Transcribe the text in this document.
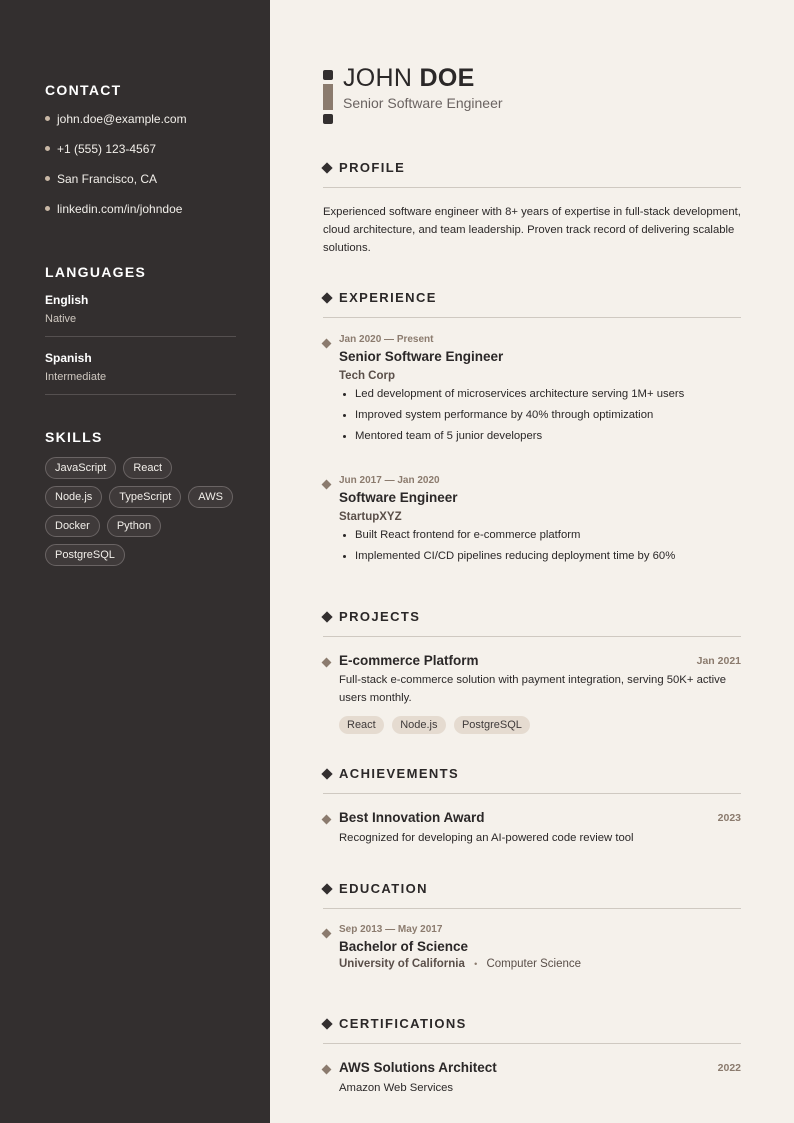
CONTACT
john.doe@example.com
+1 (555) 123-4567
San Francisco, CA
linkedin.com/in/johndoe
LANGUAGES
English
Native
Spanish
Intermediate
SKILLS
JavaScript	React
Node.js	TypeScript	AWS
Docker	Python
PostgreSQL
JOHN DOE
Senior Software Engineer
PROFILE

Experienced software engineer with 8+ years of expertise in full-stack development, cloud architecture, and team leadership. Proven track record of delivering scalable solutions.

EXPERIENCE
Jan 2020 — Present
Senior Software Engineer
Tech Corp
Led development of microservices architecture serving 1M+ users
Improved system performance by 40% through optimization
Mentored team of 5 junior developers
Jun 2017 — Jan 2020
Software Engineer
StartupXYZ
Built React frontend for e-commerce platform
Implemented CI/CD pipelines reducing deployment time by 60%
PROJECTS
Jan 2021
E-commerce Platform

Full-stack e-commerce solution with payment integration, serving 50K+ active users monthly.

React Node.js PostgreSQL
ACHIEVEMENTS
2023
Best Innovation Award

Recognized for developing an AI-powered code review tool

EDUCATION
Sep 2013 — May 2017
Bachelor of Science
University of California • Computer Science
CERTIFICATIONS
2022
AWS Solutions Architect

Amazon Web Services
